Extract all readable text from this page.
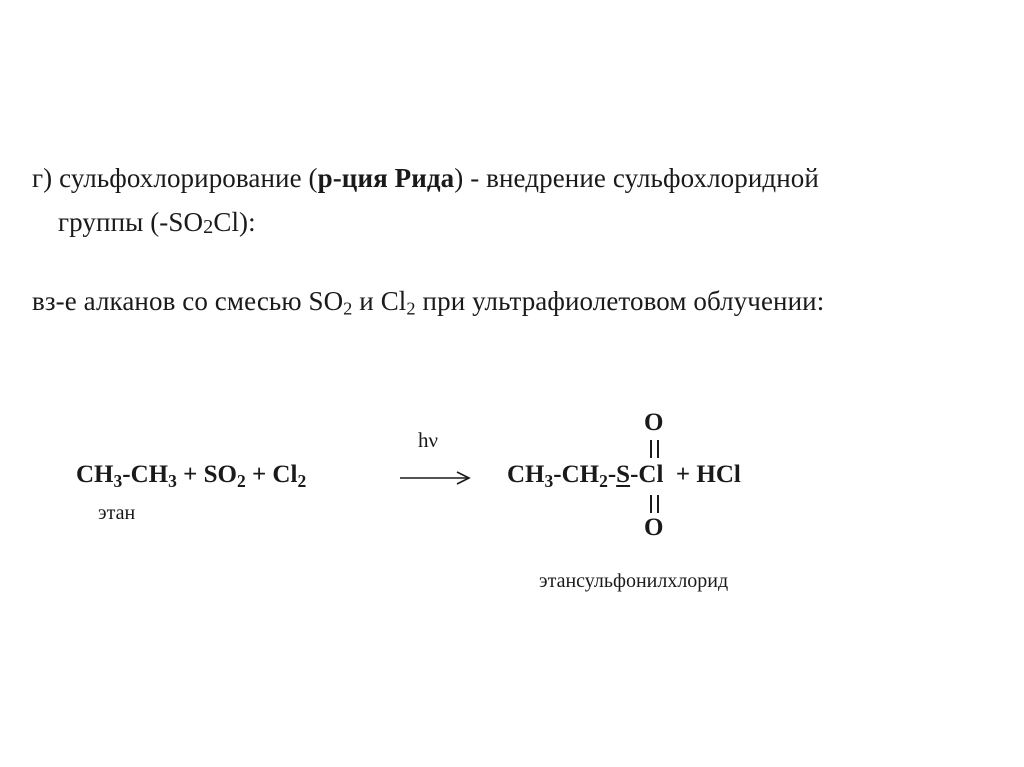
г) сульфохлорирование (р-ция Рида) - внедрение сульфохлоридной
группы (-SO2Cl):
вз-е алканов со смесью $SO_2$ и $Cl_2$ при ультрафиолетовом облучении:
$CH_3-CH_3 + SO_2 + Cl_2$
hν
$CH_3-CH_2-S-Cl$  + HCl
O
O
этан
этансульфонилхлорид
